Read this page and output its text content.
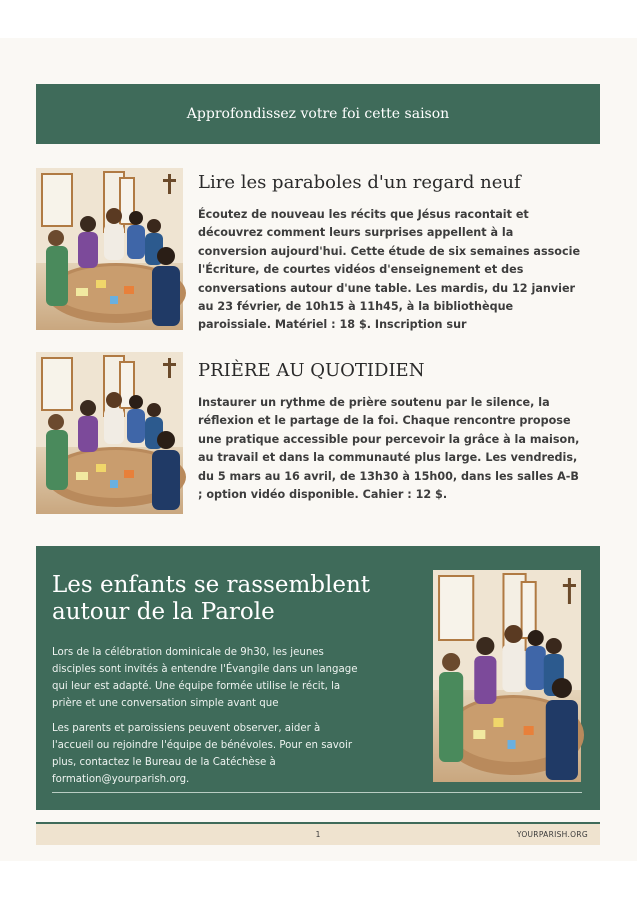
Approfondissez votre foi cette saison
Lire les paraboles d'un regard neuf
Écoutez de nouveau les récits que Jésus racontait et découvrez comment leurs surprises appellent à la conversion aujourd'hui. Cette étude de six semaines associe l'Écriture, de courtes vidéos d'enseignement et des conversations autour d'une table. Les mardis, du 12 janvier au 23 février, de 10h15 à 11h45, à la bibliothèque paroissiale. Matériel : 18 $. Inscription sur
PRIÈRE AU QUOTIDIEN
Instaurer un rythme de prière soutenu par le silence, la réflexion et le partage de la foi. Chaque rencontre propose une pratique accessible pour percevoir la grâce à la maison, au travail et dans la communauté plus large. Les vendredis, du 5 mars au 16 avril, de 13h30 à 15h00, dans les salles A-B ; option vidéo disponible. Cahier : 12 $.
Les enfants se rassemblent autour de la Parole
Lors de la célébration dominicale de 9h30, les jeunes disciples sont invités à entendre l'Évangile dans un langage qui leur est adapté. Une équipe formée utilise le récit, la prière et une conversation simple avant que
Les parents et paroissiens peuvent observer, aider à l'accueil ou rejoindre l'équipe de bénévoles. Pour en savoir plus, contactez le Bureau de la Catéchèse à formation@yourparish.org.
1	YOURPARISH.ORG
